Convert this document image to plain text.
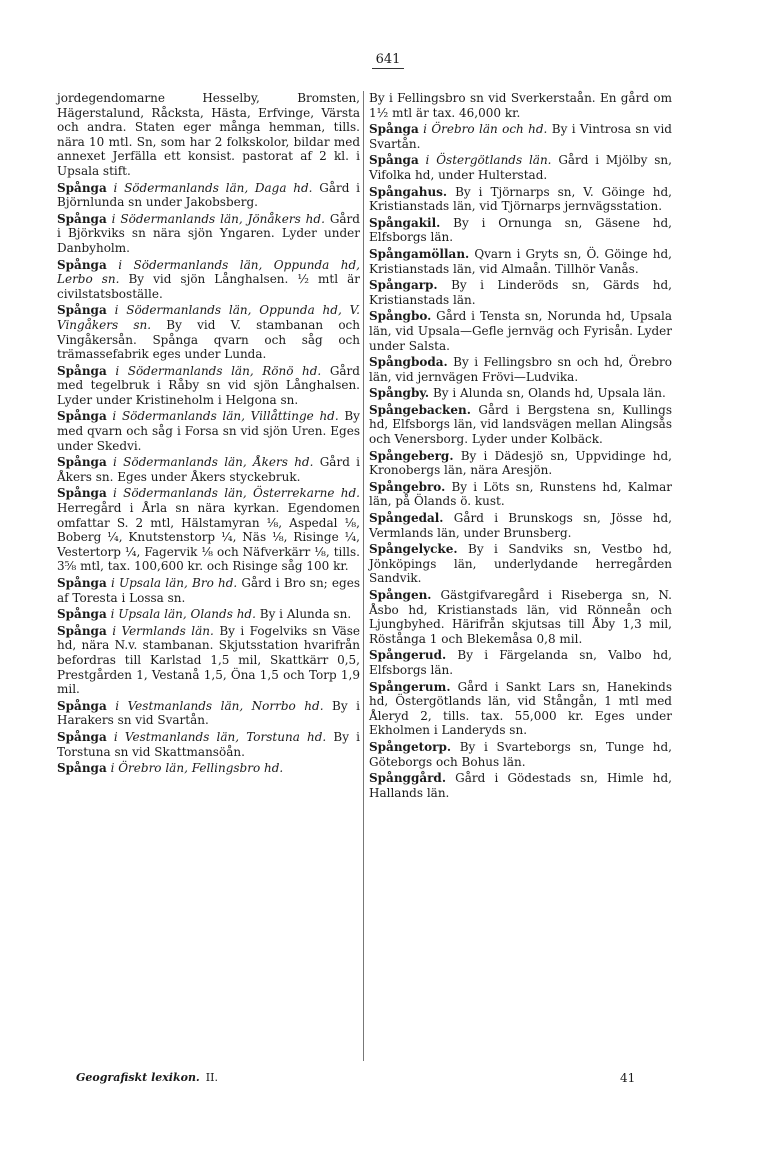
641

jordegendomarne Hesselby, Bromsten, Hägerstalund, Råcksta, Hästa, Erfvinge, Värsta och andra. Staten eger många hemman, tills. nära 10 mtl. Sn, som har 2 folkskolor, bildar med annexet Jerfälla ett konsist. pastorat af 2 kl. i Upsala stift.

Spånga i Södermanlands län, Daga hd. Gård i Björnlunda sn under Jakobsberg.

Spånga i Södermanlands län, Jönåkers hd. Gård i Björkviks sn nära sjön Yngaren. Lyder under Danbyholm.

Spånga i Södermanlands län, Oppunda hd, Lerbo sn. By vid sjön Långhalsen. ½ mtl är civilstatsboställe.

Spånga i Södermanlands län, Oppunda hd, V. Vingåkers sn. By vid V. stambanan och Vingåkersån. Spånga qvarn och såg och trämassefabrik eges under Lunda.

Spånga i Södermanlands län, Rönö hd. Gård med tegelbruk i Råby sn vid sjön Långhalsen. Lyder under Kristineholm i Helgona sn.

Spånga i Södermanlands län, Villåttinge hd. By med qvarn och såg i Forsa sn vid sjön Uren. Eges under Skedvi.

Spånga i Södermanlands län, Åkers hd. Gård i Åkers sn. Eges under Åkers styckebruk.

Spånga i Södermanlands län, Österrekarne hd. Herregård i Årla sn nära kyrkan. Egendomen omfattar S. 2 mtl, Hälstamyran ⅛, Aspedal ⅛, Boberg ¼, Knutstenstorp ¼, Näs ⅛, Risinge ¼, Vestertorp ¼, Fagervik ⅛ och Näfverkärr ⅛, tills. 3⅝ mtl, tax. 100,600 kr. och Risinge såg 100 kr.

Spånga i Upsala län, Bro hd. Gård i Bro sn; eges af Toresta i Lossa sn.

Spånga i Upsala län, Olands hd. By i Alunda sn.

Spånga i Vermlands län. By i Fogelviks sn Väse hd, nära N.v. stambanan. Skjutsstation hvarifrån befordras till Karlstad 1,5 mil, Skattkärr 0,5, Prestgården 1, Vestanå 1,5, Öna 1,5 och Torp 1,9 mil.

Spånga i Vestmanlands län, Norrbo hd. By i Harakers sn vid Svartån.

Spånga i Vestmanlands län, Torstuna hd. By i Torstuna sn vid Skattmansöån.

Spånga i Örebro län, Fellingsbro hd.

By i Fellingsbro sn vid Sverkerstaån. En gård om 1½ mtl är tax. 46,000 kr.

Spånga i Örebro län och hd. By i Vintrosa sn vid Svartån.

Spånga i Östergötlands län. Gård i Mjölby sn, Vifolka hd, under Hulterstad.

Spångahus. By i Tjörnarps sn, V. Göinge hd, Kristianstads län, vid Tjörnarps jernvägsstation.

Spångakil. By i Ornunga sn, Gäsene hd, Elfsborgs län.

Spångamöllan. Qvarn i Gryts sn, Ö. Göinge hd, Kristianstads län, vid Almaån. Tillhör Vanås.

Spångarp. By i Linderöds sn, Gärds hd, Kristianstads län.

Spångbo. Gård i Tensta sn, Norunda hd, Upsala län, vid Upsala—Gefle jernväg och Fyrisån. Lyder under Salsta.

Spångboda. By i Fellingsbro sn och hd, Örebro län, vid jernvägen Frövi—Ludvika.

Spångby. By i Alunda sn, Olands hd, Upsala län.

Spångebacken. Gård i Bergstena sn, Kullings hd, Elfsborgs län, vid landsvägen mellan Alingsås och Venersborg. Lyder under Kolbäck.

Spångeberg. By i Dädesjö sn, Uppvidinge hd, Kronobergs län, nära Aresjön.

Spångebro. By i Löts sn, Runstens hd, Kalmar län, på Ölands ö. kust.

Spångedal. Gård i Brunskogs sn, Jösse hd, Vermlands län, under Brunsberg.

Spångelycke. By i Sandviks sn, Vestbo hd, Jönköpings län, underlydande herregården Sandvik.

Spången. Gästgifvaregård i Riseberga sn, N. Åsbo hd, Kristianstads län, vid Rönneån och Ljungbyhed. Härifrån skjutsas till Åby 1,3 mil, Röstånga 1 och Blekemåsa 0,8 mil.

Spångerud. By i Färgelanda sn, Valbo hd, Elfsborgs län.

Spångerum. Gård i Sankt Lars sn, Hanekinds hd, Östergötlands län, vid Stångån, 1 mtl med Åleryd 2, tills. tax. 55,000 kr. Eges under Ekholmen i Landeryds sn.

Spångetorp. By i Svarteborgs sn, Tunge hd, Göteborgs och Bohus län.

Spånggård. Gård i Gödestads sn, Himle hd, Hallands län.

Geografiskt lexikon. II.	41
